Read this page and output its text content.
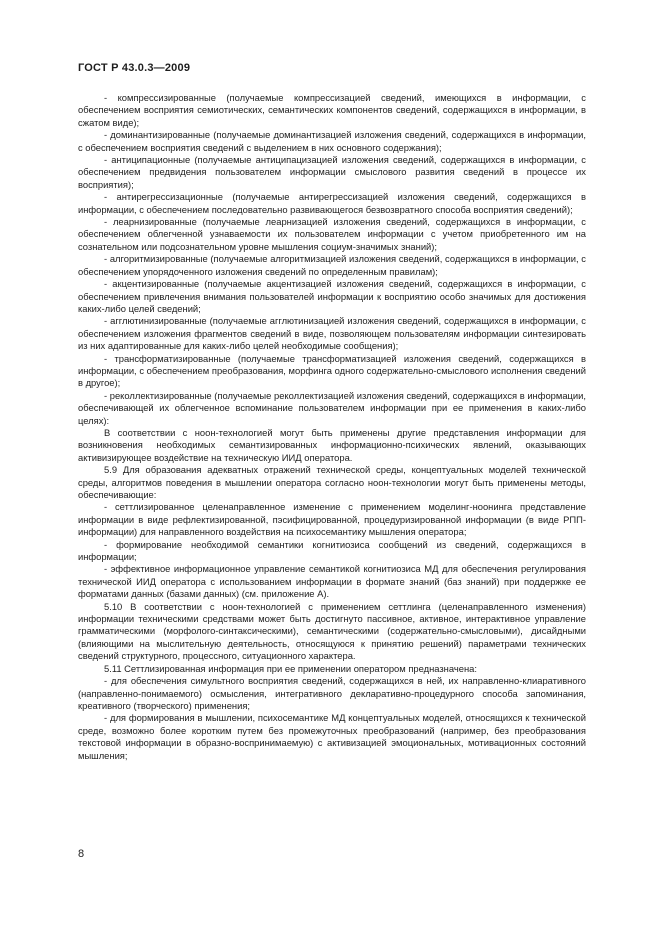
ГОСТ Р 43.0.3—2009

- компрессизированные (получаемые компрессизацией сведений, имеющихся в информации, с обеспечением восприятия семиотических, семантических компонентов сведений, содержащихся в информации, в сжатом виде);

- доминантизированные (получаемые доминантизацией изложения сведений, содержащихся в информации, с обеспечением восприятия сведений с выделением в них основного содержания);

- антиципационные (получаемые антиципацизацией изложения сведений, содержащихся в информации, с обеспечением предвидения пользователем информации смыслового развития сведений в процессе их восприятия);

- антирегрессизационные (получаемые антирегрессизацией изложения сведений, содержащихся в информации, с обеспечением последовательно развивающегося безвозвратного способа восприятия сведений);

- леарнизированные (получаемые леарнизацией изложения сведений, содержащихся в информации, с обеспечением облегченной узнаваемости их пользователем информации с учетом приобретенного им на сознательном или подсознательном уровне мышления социум-значимых знаний);

- алгоритмизированные (получаемые алгоритмизацией изложения сведений, содержащихся в информации, с обеспечением упорядоченного изложения сведений по определенным правилам);

- акцентизированные (получаемые акцентизацией изложения сведений, содержащихся в информации, с обеспечением привлечения внимания пользователей информации к восприятию особо значимых для достижения каких-либо целей сведений;

- агглютинизированные (получаемые агглютинизацией изложения сведений, содержащихся в информации, с обеспечением изложения фрагментов сведений в виде, позволяющем пользователям информации синтезировать из них адаптированные для каких-либо целей необходимые сообщения);

- трансформатизированные (получаемые трансформатизацией изложения сведений, содержащихся в информации, с обеспечением преобразования, морфинга одного содержательно-смыслового исполнения сведений в другое);

- реколлектизированные (получаемые реколлектизацией изложения сведений, содержащихся в информации, обеспечивающей их облегченное вспоминание пользователем информации при ее применения в каких-либо целях):

В соответствии с ноон-технологией могут быть применены другие представления информации для возникновения необходимых семантизированных информационно-психических явлений, оказывающих активизирующее воздействие на техническую ИИД оператора.

5.9 Для образования адекватных отражений технической среды, концептуальных моделей технической среды, алгоритмов поведения в мышлении оператора согласно ноон-технологии могут быть применены методы, обеспечивающие:

- сеттлизированное целенаправленное изменение с применением моделинг-ноонинга представление информации в виде рефлектизированной, пэсифицированной, процедуризированной информации (в виде РПП-информации) для направленного воздействия на психосемантику мышления оператора;

- формирование необходимой семантики когнитиозиса сообщений из сведений, содержащихся в информации;

- эффективное информационное управление семантикой когнитиозиса МД для обеспечения регулирования технической ИИД оператора с использованием информации в формате знаний (баз знаний) при поддержке ее форматами данных (базами данных) (см. приложение А).

5.10 В соответствии с ноон-технологией с применением сеттлинга (целенаправленного изменения) информации техническими средствами может быть достигнуто пассивное, активное, интерактивное управление грамматическими (морфолого-синтаксическими), семантическими (содержательно-смысловыми), дисайдными (влияющими на мыслительную деятельность, относящуюся к принятию решений) параметрами технических сведений структурного, процессного, ситуационного характера.

5.11 Сеттлизированная информация при ее применении оператором предназначена:

- для обеспечения симультного восприятия сведений, содержащихся в ней, их направленно-клиаративного (направленно-понимаемого) осмысления, интегративного декларативно-процедурного способа запоминания, креативного (творческого) применения;

- для формирования в мышлении, психосемантике МД концептуальных моделей, относящихся к технической среде, возможно более коротким путем без промежуточных преобразований (например, без преобразования текстовой информации в образно-воспринимаемую) с активизацией эмоциональных, мотивационных состояний мышления;

8
